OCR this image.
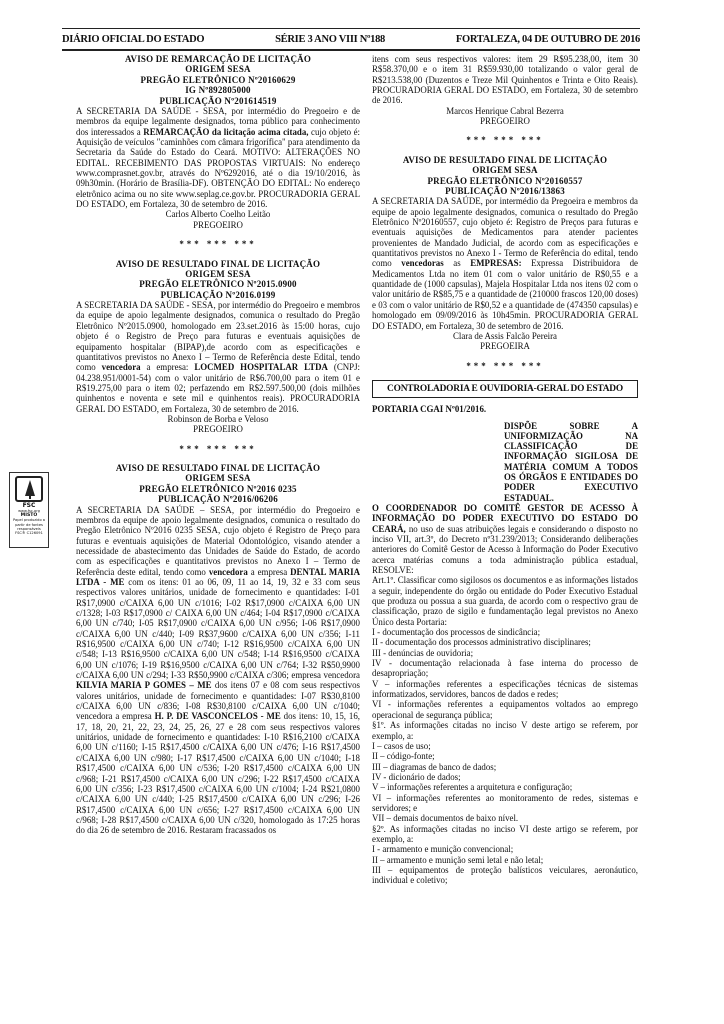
DIÁRIO OFICIAL DO ESTADO	SÉRIE 3 ANO VIII Nº188	FORTALEZA, 04 DE OUTUBRO DE 2016
FSC
www.fsc.org
MISTO
Papel produzido a partir de fontes responsáveis
FSC® C126091
AVISO DE REMARCAÇÃO DE LICITAÇÃO
ORIGEM SESA
PREGÃO ELETRÔNICO Nº20160629
IG Nº892805000
PUBLICAÇÃO Nº201614519

A SECRETARIA DA SAÚDE - SESA, por intermédio do Pregoeiro e de membros da equipe legalmente designados, torna público para conhecimento dos interessados a REMARCAÇÃO da licitação acima citada, cujo objeto é: Aquisição de veículos "caminhões com câmara frigorífica" para atendimento da Secretaria da Saúde do Estado do Ceará. MOTIVO: ALTERAÇÕES NO EDITAL. RECEBIMENTO DAS PROPOSTAS VIRTUAIS: No endereço www.comprasnet.gov.br, através do Nº6292016, até o dia 19/10/2016, às 09h30min. (Horário de Brasília-DF). OBTENÇÃO DO EDITAL: No endereço eletrônico acima ou no site www.seplag.ce.gov.br. PROCURADORIA GERAL DO ESTADO, em Fortaleza, 30 de setembro de 2016.

Carlos Alberto Coelho Leitão

PREGOEIRO

*** *** ***
AVISO DE RESULTADO FINAL DE LICITAÇÃO
ORIGEM SESA
PREGÃO ELETRÔNICO Nº2015.0900
PUBLICAÇÃO Nº2016.0199

A SECRETARIA DA SAÚDE - SESA, por intermédio do Pregoeiro e membros da equipe de apoio legalmente designados, comunica o resultado do Pregão Eletrônico Nº2015.0900, homologado em 23.set.2016 às 15:00 horas, cujo objeto é o Registro de Preço para futuras e eventuais aquisições de equipamento hospitalar (BIPAP),de acordo com as especificações e quantitativos previstos no Anexo I – Termo de Referência deste Edital, tendo como vencedora a empresa: LOCMED HOSPITALAR LTDA (CNPJ: 04.238.951/0001-54) com o valor unitário de R$6.700,00 para o item 01 e R$19.275,00 para o item 02; perfazendo em R$2.597.500,00 (dois milhões quinhentos e noventa e sete mil e quinhentos reais). PROCURADORIA GERAL DO ESTADO, em Fortaleza, 30 de setembro de 2016.

Robinson de Borba e Veloso

PREGOEIRO

*** *** ***
AVISO DE RESULTADO FINAL DE LICITAÇÃO
ORIGEM SESA
PREGÃO ELETRÔNICO Nº2016 0235
PUBLICAÇÃO Nº2016/06206

A SECRETARIA DA SAÚDE – SESA, por intermédio do Pregoeiro e membros da equipe de apoio legalmente designados, comunica o resultado do Pregão Eletrônico Nº2016 0235 SESA, cujo objeto é Registro de Preço para futuras e eventuais aquisições de Material Odontológico, visando atender a necessidade de abastecimento das Unidades de Saúde do Estado, de acordo com as especificações e quantitativos previstos no Anexo I – Termo de Referência deste edital, tendo como vencedora a empresa DENTAL MARIA LTDA - ME com os itens: 01 ao 06, 09, 11 ao 14, 19, 32 e 33 com seus respectivos valores unitários, unidade de fornecimento e quantidades: I-01 R$17,0900 c/CAIXA 6,00 UN c/1016; I-02 R$17,0900 c/CAIXA 6,00 UN c/1328; I-03 R$17,0900 c/ CAIXA 6,00 UN c/464; I-04 R$17,0900 c/CAIXA 6,00 UN c/740; I-05 R$17,0900 c/CAIXA 6,00 UN c/956; I-06 R$17,0900 c/CAIXA 6,00 UN c/440; I-09 R$37,9600 c/CAIXA 6,00 UN c/356; I-11 R$16,9500 c/CAIXA 6,00 UN c/740; I-12 R$16,9500 c/CAIXA 6,00 UN c/548; I-13 R$16,9500 c/CAIXA 6,00 UN c/548; I-14 R$16,9500 c/CAIXA 6,00 UN c/1076; I-19 R$16,9500 c/CAIXA 6,00 UN c/764; I-32 R$50,9900 c/CAIXA 6,00 UN c/294; I-33 R$50,9900 c/CAIXA c/306; empresa vencedora KILVIA MARIA P GOMES – ME dos itens 07 e 08 com seus respectivos valores unitários, unidade de fornecimento e quantidades: I-07 R$30,8100 c/CAIXA 6,00 UN c/836; I-08 R$30,8100 c/CAIXA 6,00 UN c/1040; vencedora a empresa H. P. DE VASCONCELOS - ME dos itens: 10, 15, 16, 17, 18, 20, 21, 22, 23, 24, 25, 26, 27 e 28 com seus respectivos valores unitários, unidade de fornecimento e quantidades: I-10 R$16,2100 c/CAIXA 6,00 UN c/1160; I-15 R$17,4500 c/CAIXA 6,00 UN c/476; I-16 R$17,4500 c/CAIXA 6,00 UN c/980; I-17 R$17,4500 c/CAIXA 6,00 UN c/1040; I-18 R$17,4500 c/CAIXA 6,00 UN c/536; I-20 R$17,4500 c/CAIXA 6,00 UN c/968; I-21 R$17,4500 c/CAIXA 6,00 UN c/296; I-22 R$17,4500 c/CAIXA 6,00 UN c/356; I-23 R$17,4500 c/CAIXA 6,00 UN c/1004; I-24 R$21,0800 c/CAIXA 6,00 UN c/440; I-25 R$17,4500 c/CAIXA 6,00 UN c/296; I-26 R$17,4500 c/CAIXA 6,00 UN c/656; I-27 R$17,4500 c/CAIXA 6,00 UN c/968; I-28 R$17,4500 c/CAIXA 6,00 UN c/320, homologado às 17:25 horas do dia 26 de setembro de 2016. Restaram fracassados os

itens com seus respectivos valores: item 29 R$95.238,00, item 30 R$58.370,00 e o item 31 R$59.930,00 totalizando o valor geral de R$213.538,00 (Duzentos e Treze Mil Quinhentos e Trinta e Oito Reais). PROCURADORIA GERAL DO ESTADO, em Fortaleza, 30 de setembro de 2016.

Marcos Henrique Cabral Bezerra

PREGOEIRO

*** *** ***
AVISO DE RESULTADO FINAL DE LICITAÇÃO
ORIGEM SESA
PREGÃO ELETRÔNICO Nº20160557
PUBLICAÇÃO Nº2016/13863

A SECRETARIA DA SAÚDE, por intermédio da Pregoeira e membros da equipe de apoio legalmente designados, comunica o resultado do Pregão Eletrônico Nº20160557, cujo objeto é: Registro de Preços para futuras e eventuais aquisições de Medicamentos para atender pacientes provenientes de Mandado Judicial, de acordo com as especificações e quantitativos previstos no Anexo I - Termo de Referência do edital, tendo como vencedoras as EMPRESAS: Expressa Distribuidora de Medicamentos Ltda no item 01 com o valor unitário de R$0,55 e a quantidade de (1000 capsulas), Majela Hospitalar Ltda nos itens 02 com o valor unitário de R$85,75 e a quantidade de (210000 frascos 120,00 doses) e 03 com o valor unitário de R$0,52 e a quantidade de (474350 capsulas) e homologado em 09/09/2016 às 10h45min. PROCURADORIA GERAL DO ESTADO, em Fortaleza, 30 de setembro de 2016.

Clara de Assis Falcão Pereira

PREGOEIRA

*** *** ***
CONTROLADORIA E OUVIDORIA-GERAL DO ESTADO

PORTARIA CGAI Nº01/2016.

DISPÕE SOBRE A UNIFORMIZAÇÃO NA CLASSIFICAÇÃO DE INFORMAÇÃO SIGILOSA DE MATÉRIA COMUM A TODOS OS ÓRGÃOS E ENTIDADES DO PODER EXECUTIVO ESTADUAL.

O COORDENADOR DO COMITÊ GESTOR DE ACESSO À INFORMAÇÃO DO PODER EXECUTIVO DO ESTADO DO CEARÁ, no uso de suas atribuições legais e considerando o disposto no inciso VII, art.3º, do Decreto nº31.239/2013; Considerando deliberações anteriores do Comitê Gestor de Acesso à Informação do Poder Executivo acerca matérias comuns a toda administração pública estadual, RESOLVE:

Art.1º. Classificar como sigilosos os documentos e as informações listados a seguir, independente do órgão ou entidade do Poder Executivo Estadual que produza ou possua a sua guarda, de acordo com o respectivo grau de classificação, prazo de sigilo e fundamentação legal previstos no Anexo Único desta Portaria:

I - documentação dos processos de sindicância;

II - documentação dos processos administrativo disciplinares;

III - denúncias de ouvidoria;

IV - documentação relacionada à fase interna do processo de desapropriação;

V – informações referentes a especificações técnicas de sistemas informatizados, servidores, bancos de dados e redes;

VI - informações referentes a equipamentos voltados ao emprego operacional de segurança pública;

§1º. As informações citadas no inciso V deste artigo se referem, por exemplo, a:

I – casos de uso;

II – código-fonte;

III – diagramas de banco de dados;

IV - dicionário de dados;

V – informações referentes a arquitetura e configuração;

VI – informações referentes ao monitoramento de redes, sistemas e servidores; e

VII – demais documentos de baixo nível.

§2º. As informações citadas no inciso VI deste artigo se referem, por exemplo, a:

I - armamento e munição convencional;

II – armamento e munição semi letal e não letal;

III – equipamentos de proteção balísticos veiculares, aeronáutico, individual e coletivo;
